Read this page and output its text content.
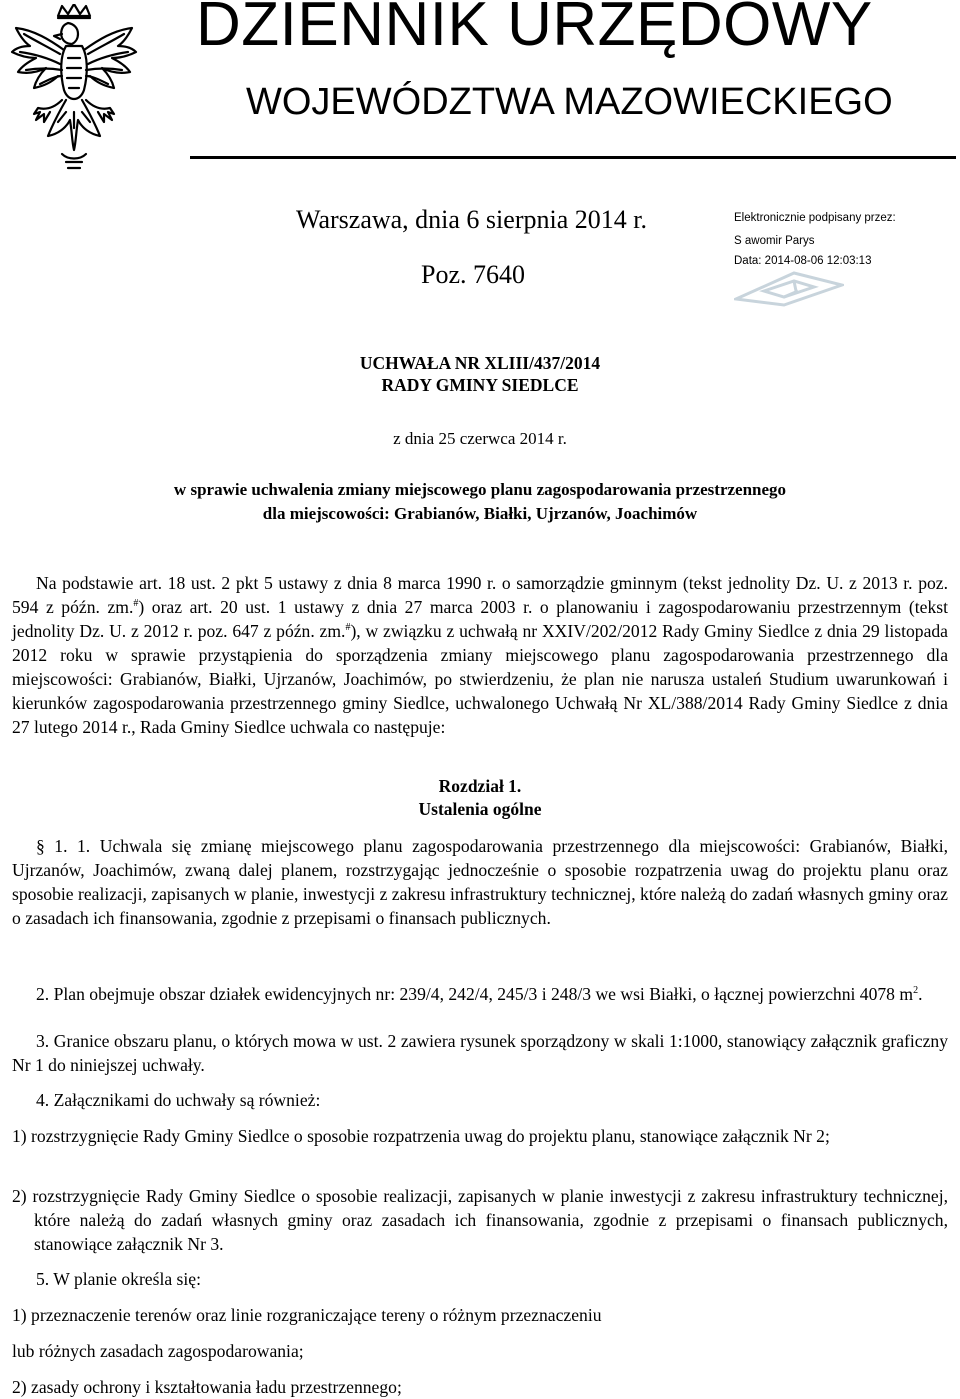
DZIENNIK URZĘDOWY
WOJEWÓDZTWA MAZOWIECKIEGO
Warszawa, dnia 6 sierpnia 2014 r.
Poz. 7640
Elektronicznie podpisany przez:
S awomir Parys
Data: 2014-08-06 12:03:13
UCHWAŁA NR XLIII/437/2014
RADY GMINY SIEDLCE
z dnia 25 czerwca 2014 r.
w sprawie uchwalenia zmiany miejscowego planu zagospodarowania przestrzennego
dla miejscowości: Grabianów, Białki, Ujrzanów, Joachimów

Na podstawie art. 18 ust. 2 pkt 5 ustawy z dnia 8 marca 1990 r. o samorządzie gminnym (tekst jednolity Dz. U. z 2013 r. poz. 594 z późn. zm.#) oraz art. 20 ust. 1 ustawy z dnia 27 marca 2003 r. o planowaniu i zagospodarowaniu przestrzennym (tekst jednolity Dz. U. z 2012 r. poz. 647 z późn. zm.#), w związku z uchwałą nr XXIV/202/2012 Rady Gminy Siedlce z dnia 29 listopada 2012 roku w sprawie przystąpienia do sporządzenia zmiany miejscowego planu zagospodarowania przestrzennego dla miejscowości: Grabianów, Białki, Ujrzanów, Joachimów, po stwierdzeniu, że plan nie narusza ustaleń Studium uwarunkowań i kierunków zagospodarowania przestrzennego gminy Siedlce, uchwalonego Uchwałą Nr XL/388/2014 Rady Gminy Siedlce z dnia 27 lutego 2014 r., Rada Gminy Siedlce uchwala co następuje:

Rozdział 1.

Ustalenia ogólne

§ 1. 1. Uchwala się zmianę miejscowego planu zagospodarowania przestrzennego dla miejscowości: Grabianów, Białki, Ujrzanów, Joachimów, zwaną dalej planem, rozstrzygając jednocześnie o sposobie rozpatrzenia uwag do projektu planu oraz sposobie realizacji, zapisanych w planie, inwestycji z zakresu infrastruktury technicznej, które należą do zadań własnych gminy oraz o zasadach ich finansowania, zgodnie z przepisami o finansach publicznych.

2. Plan obejmuje obszar działek ewidencyjnych nr: 239/4, 242/4, 245/3 i 248/3 we wsi Białki, o łącznej powierzchni 4078 $m^2$.

3. Granice obszaru planu, o których mowa w ust. 2 zawiera rysunek sporządzony w skali 1:1000, stanowiący załącznik graficzny Nr 1 do niniejszej uchwały.

4. Załącznikami do uchwały są również:

1) rozstrzygnięcie Rady Gminy Siedlce o sposobie rozpatrzenia uwag do projektu planu, stanowiące załącznik Nr 2;

2) rozstrzygnięcie Rady Gminy Siedlce o sposobie realizacji, zapisanych w planie inwestycji z zakresu infrastruktury technicznej, które należą do zadań własnych gminy oraz zasadach ich finansowania, zgodnie z przepisami o finansach publicznych, stanowiące załącznik Nr 3.

5. W planie określa się:

1) przeznaczenie terenów oraz linie rozgraniczające tereny o różnym przeznaczeniu

lub różnych zasadach zagospodarowania;

2) zasady ochrony i kształtowania ładu przestrzennego;
